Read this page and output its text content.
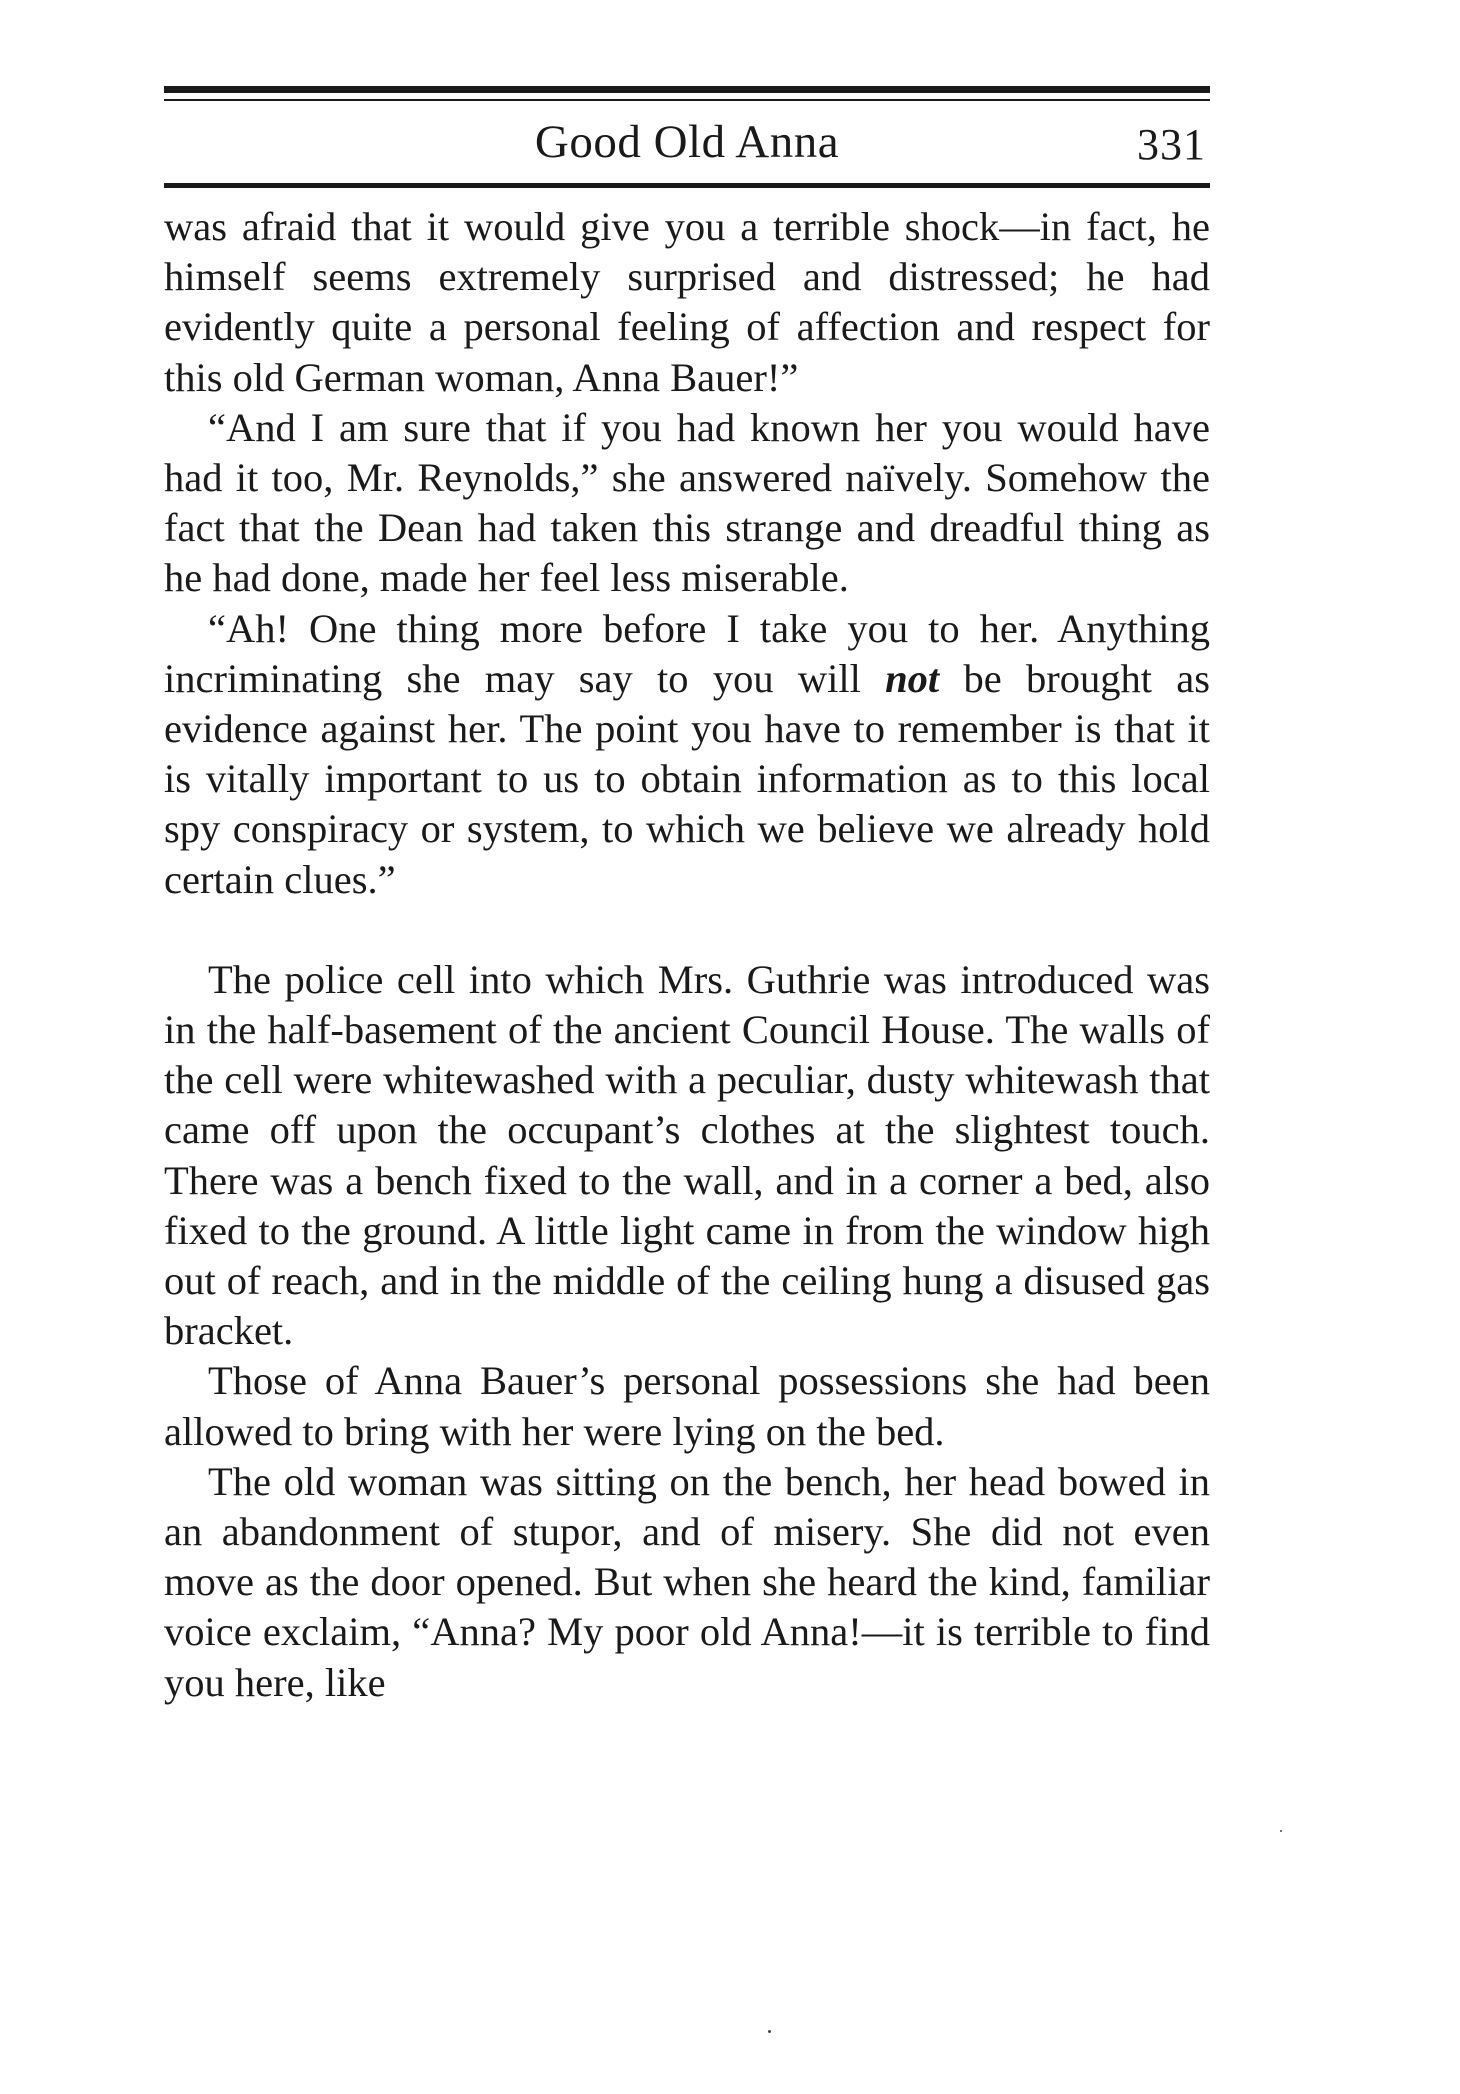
Good Old Anna	331

was afraid that it would give you a terrible shock—in fact, he himself seems extremely surprised and distressed; he had evidently quite a personal feeling of affection and respect for this old German woman, Anna Bauer!”

“And I am sure that if you had known her you would have had it too, Mr. Reynolds,” she answered naïvely. Somehow the fact that the Dean had taken this strange and dreadful thing as he had done, made her feel less miserable.

“Ah! One thing more before I take you to her. Anything incriminating she may say to you will not be brought as evidence against her. The point you have to remember is that it is vitally important to us to obtain information as to this local spy conspiracy or system, to which we believe we already hold certain clues.”

The police cell into which Mrs. Guthrie was introduced was in the half-basement of the ancient Council House. The walls of the cell were whitewashed with a peculiar, dusty whitewash that came off upon the occupant’s clothes at the slightest touch. There was a bench fixed to the wall, and in a corner a bed, also fixed to the ground. A little light came in from the window high out of reach, and in the middle of the ceiling hung a disused gas bracket.

Those of Anna Bauer’s personal possessions she had been allowed to bring with her were lying on the bed.

The old woman was sitting on the bench, her head bowed in an abandonment of stupor, and of misery. She did not even move as the door opened. But when she heard the kind, familiar voice exclaim, “Anna? My poor old Anna!—it is terrible to find you here, like
